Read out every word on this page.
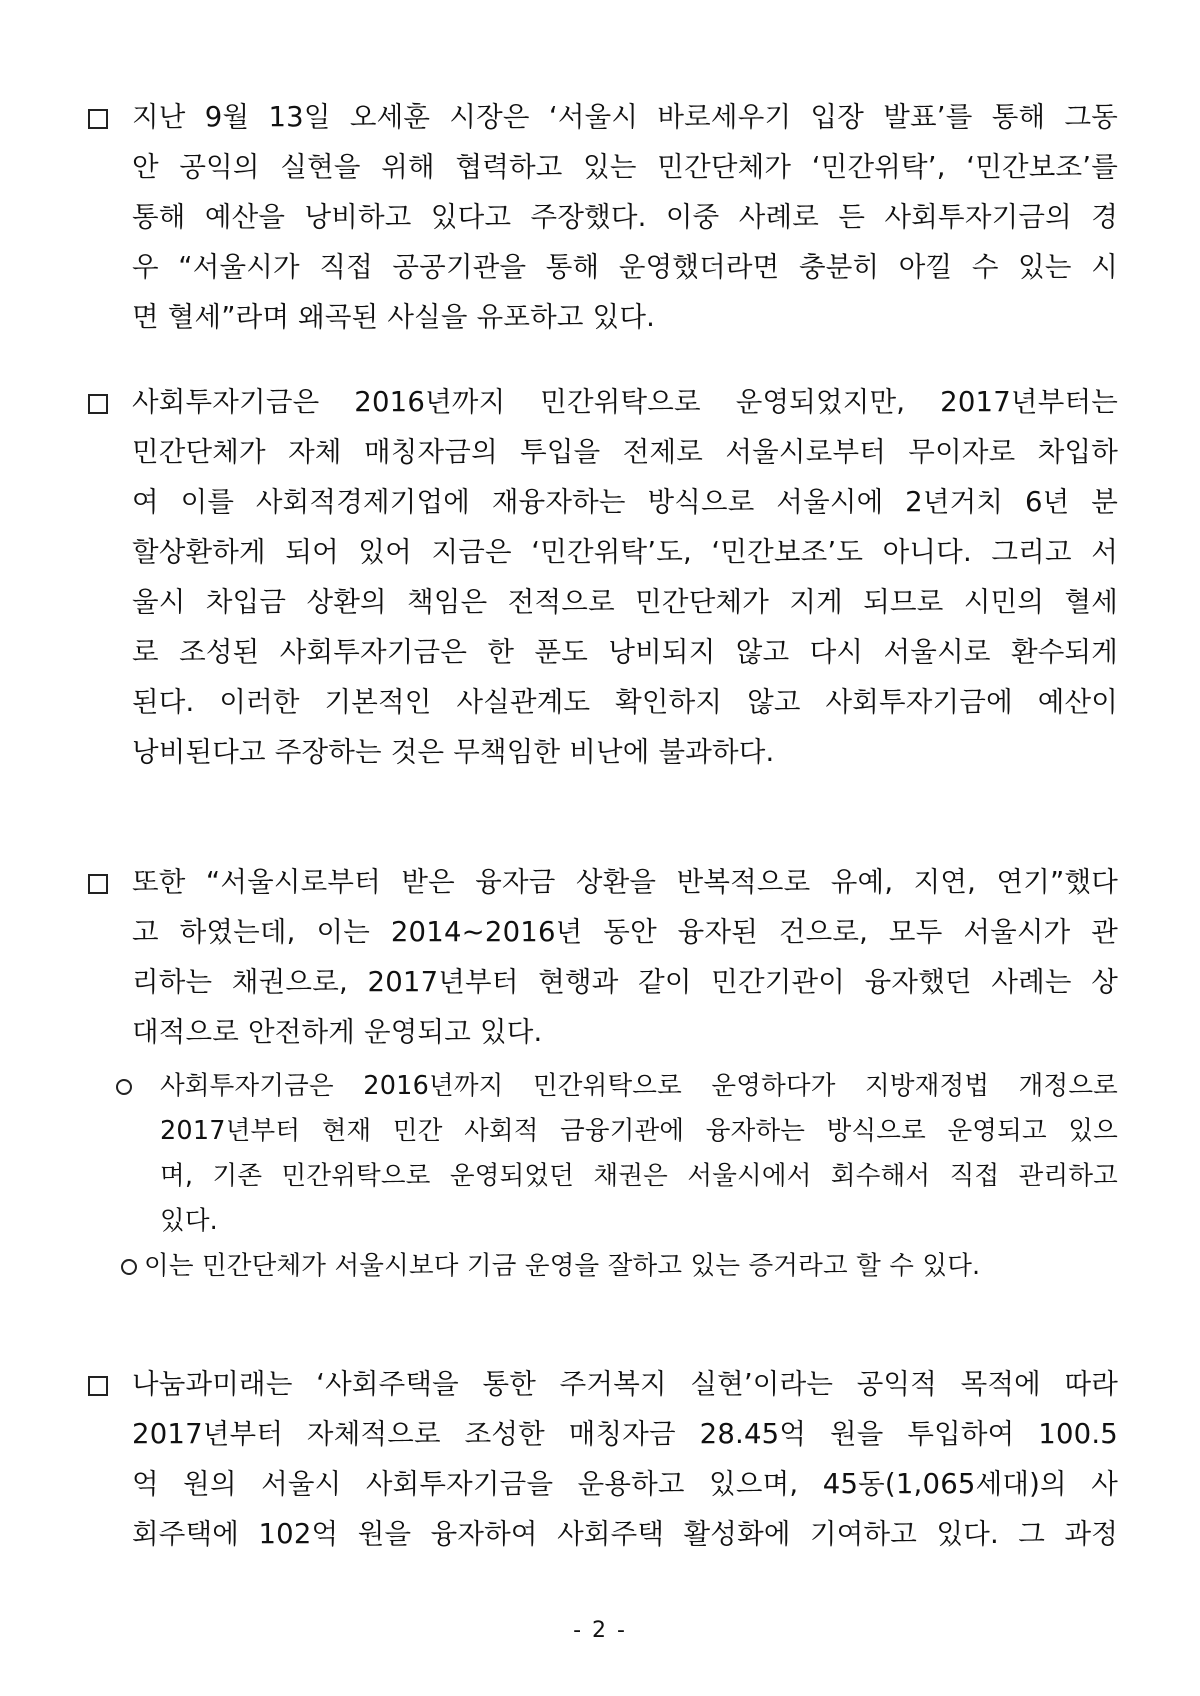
지난 9월 13일 오세훈 시장은 ‘서울시 바로세우기 입장 발표’를 통해 그동
안 공익의 실현을 위해 협력하고 있는 민간단체가 ‘민간위탁’, ‘민간보조’를
통해 예산을 낭비하고 있다고 주장했다. 이중 사례로 든 사회투자기금의 경
우 “서울시가 직접 공공기관을 통해 운영했더라면 충분히 아낄 수 있는 시
면 혈세”라며 왜곡된 사실을 유포하고 있다.
사회투자기금은 2016년까지 민간위탁으로 운영되었지만, 2017년부터는
민간단체가 자체 매칭자금의 투입을 전제로 서울시로부터 무이자로 차입하
여 이를 사회적경제기업에 재융자하는 방식으로 서울시에 2년거치 6년 분
할상환하게 되어 있어 지금은 ‘민간위탁’도, ‘민간보조’도 아니다. 그리고 서
울시 차입금 상환의 책임은 전적으로 민간단체가 지게 되므로 시민의 혈세
로 조성된 사회투자기금은 한 푼도 낭비되지 않고 다시 서울시로 환수되게
된다. 이러한 기본적인 사실관계도 확인하지 않고 사회투자기금에 예산이
낭비된다고 주장하는 것은 무책임한 비난에 불과하다.
또한 “서울시로부터 받은 융자금 상환을 반복적으로 유예, 지연, 연기”했다
고 하였는데, 이는 2014~2016년 동안 융자된 건으로, 모두 서울시가 관
리하는 채권으로, 2017년부터 현행과 같이 민간기관이 융자했던 사례는 상
대적으로 안전하게 운영되고 있다.
사회투자기금은 2016년까지 민간위탁으로 운영하다가 지방재정법 개정으로
2017년부터 현재 민간 사회적 금융기관에 융자하는 방식으로 운영되고 있으
며, 기존 민간위탁으로 운영되었던 채권은 서울시에서 회수해서 직접 관리하고
있다.
이는 민간단체가 서울시보다 기금 운영을 잘하고 있는 증거라고 할 수 있다.
나눔과미래는 ‘사회주택을 통한 주거복지 실현’이라는 공익적 목적에 따라
2017년부터 자체적으로 조성한 매칭자금 28.45억 원을 투입하여 100.5
억 원의 서울시 사회투자기금을 운용하고 있으며, 45동(1,065세대)의 사
회주택에 102억 원을 융자하여 사회주택 활성화에 기여하고 있다. 그 과정
- 2 -
